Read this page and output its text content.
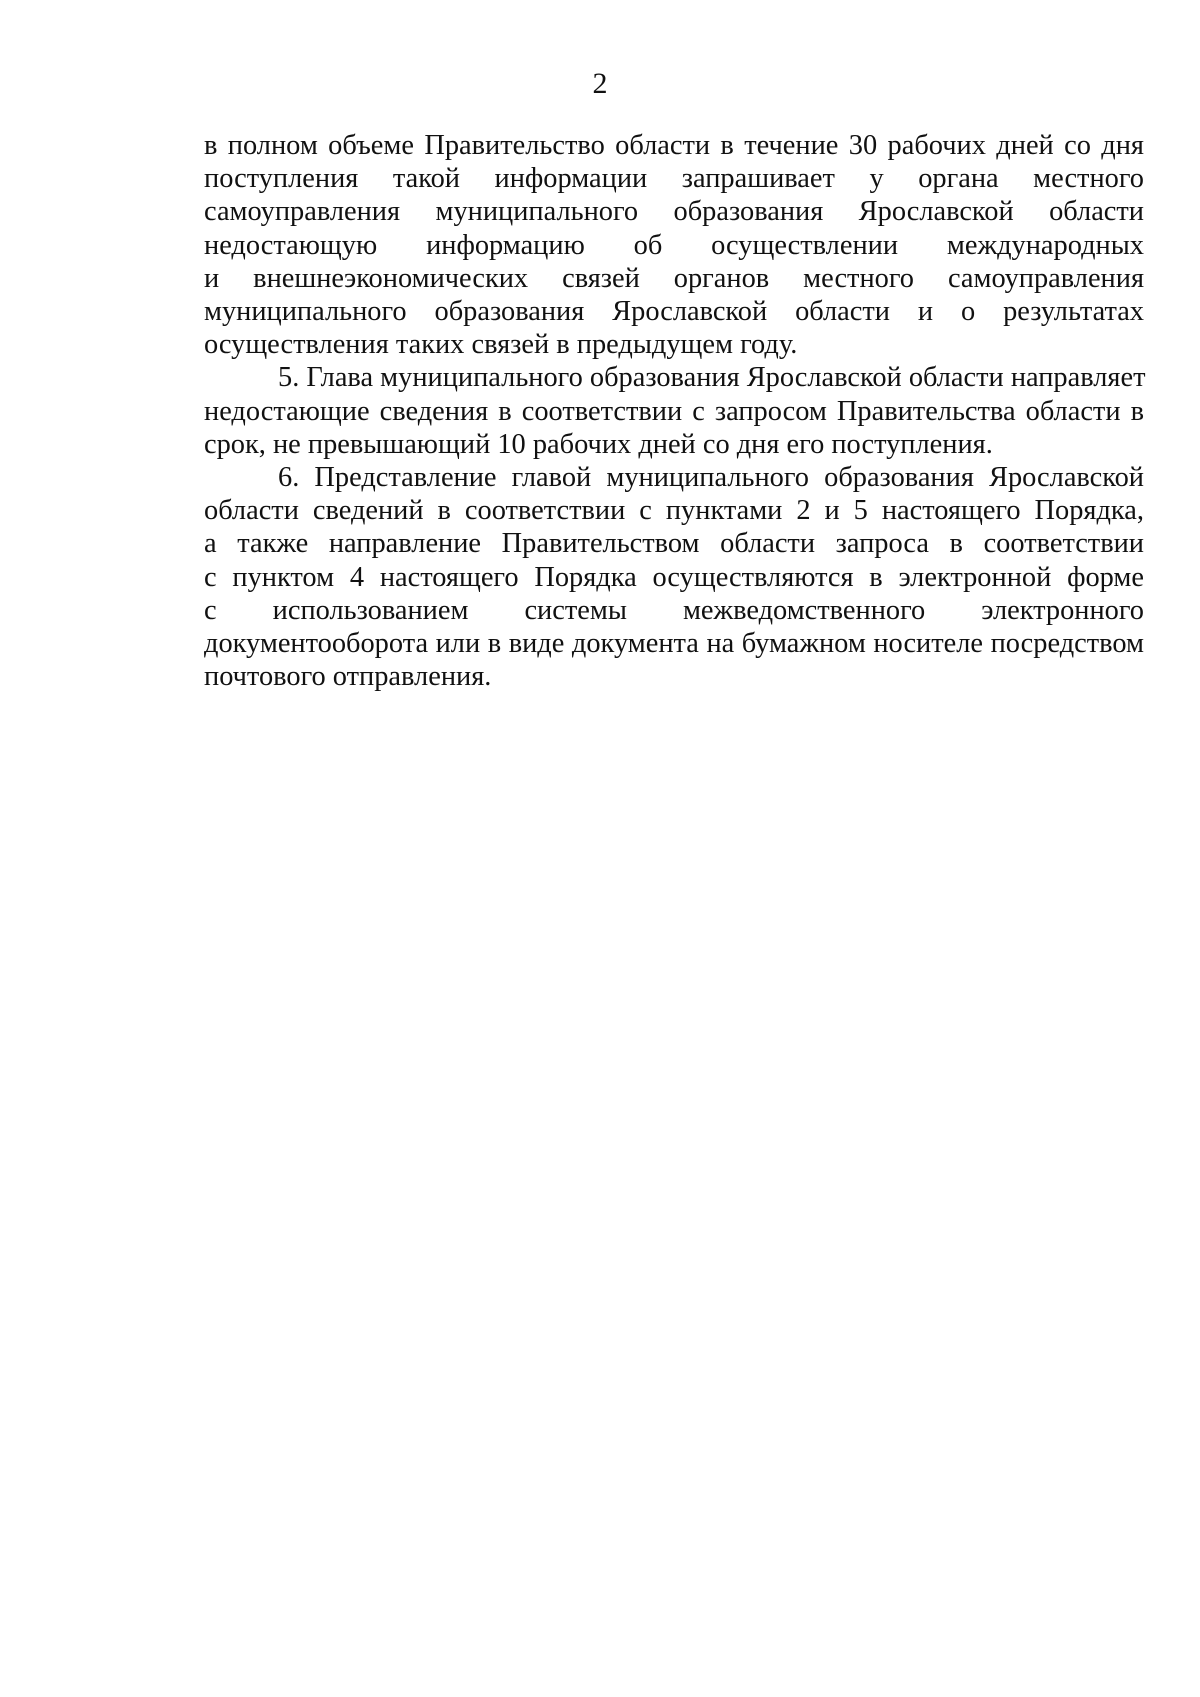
2

в полном объеме Правительство области в течение 30 рабочих дней со дня
поступления такой информации запрашивает у органа местного
самоуправления муниципального образования Ярославской области
недостающую информацию об осуществлении международных
и внешнеэкономических связей органов местного самоуправления
муниципального образования Ярославской области и о результатах
осуществления таких связей в предыдущем году.

5. Глава муниципального образования Ярославской области направляет
недостающие сведения в соответствии с запросом Правительства области в
срок, не превышающий 10 рабочих дней со дня его поступления.

6. Представление главой муниципального образования Ярославской
области сведений в соответствии с пунктами 2 и 5 настоящего Порядка,
а также направление Правительством области запроса в соответствии
с пунктом 4 настоящего Порядка осуществляются в электронной форме
с использованием системы межведомственного электронного
документооборота или в виде документа на бумажном носителе посредством
почтового отправления.
